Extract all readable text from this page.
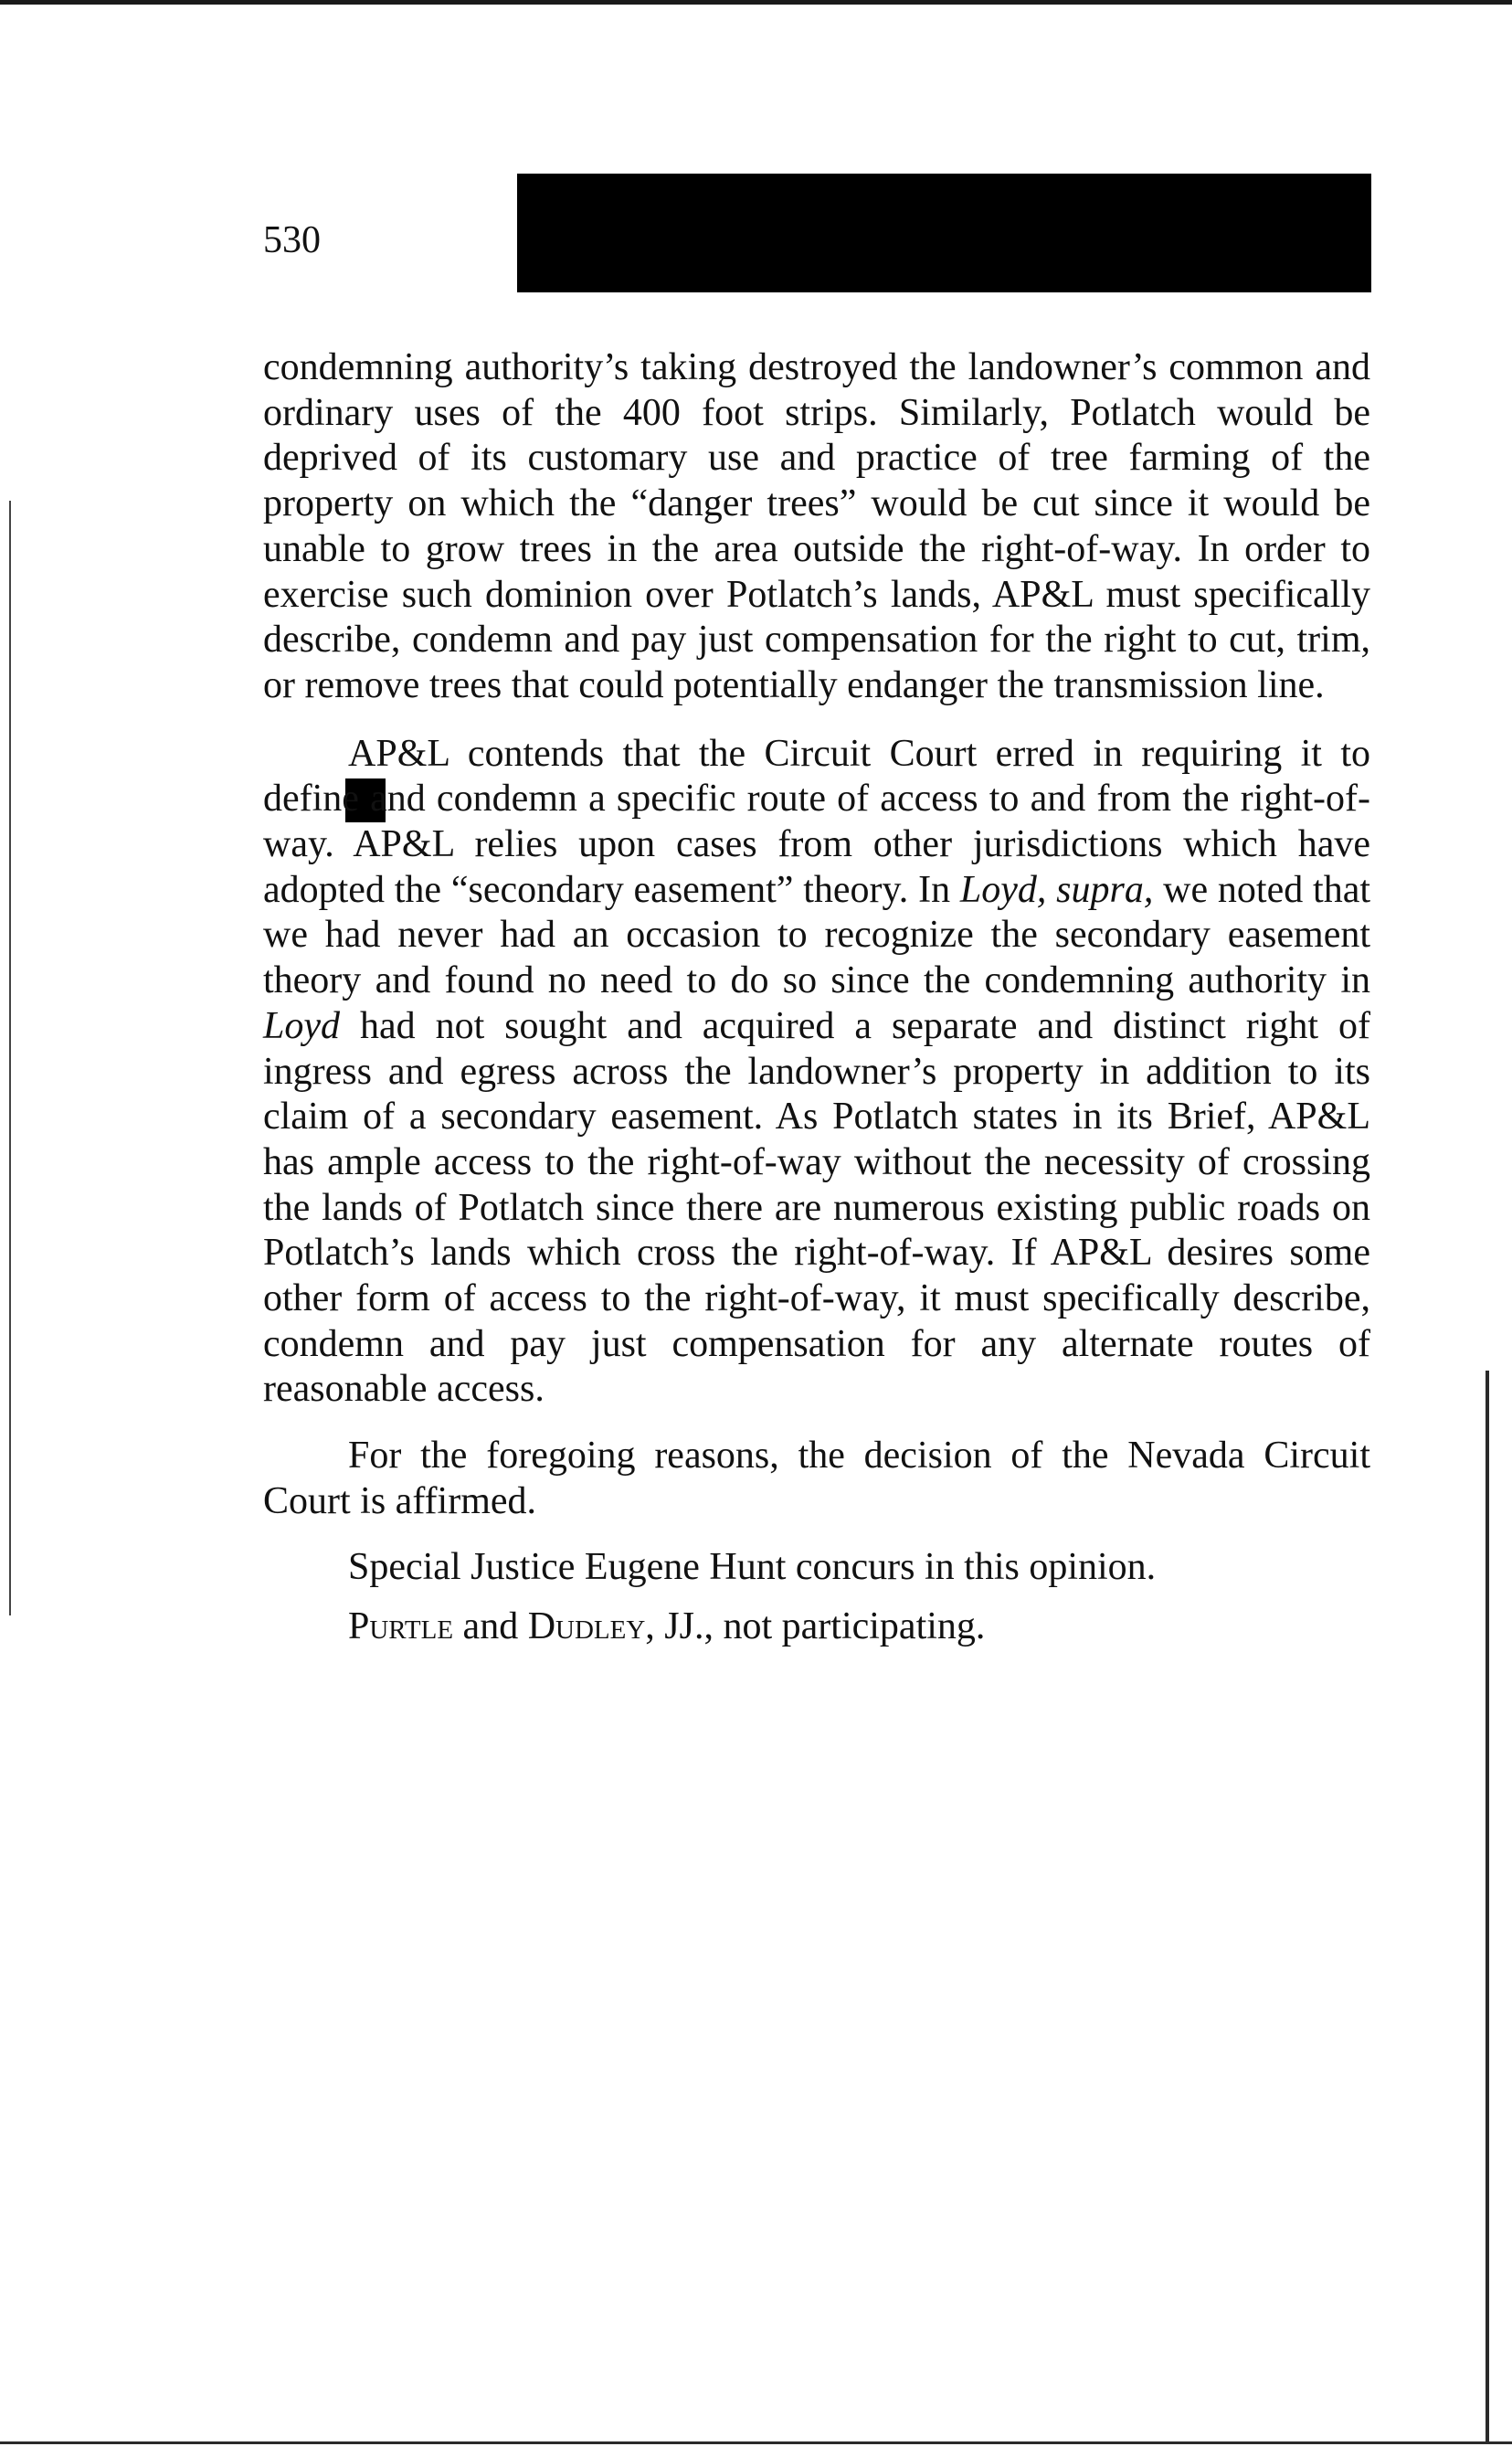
530

condemning authority’s taking destroyed the landowner’s common and ordinary uses of the 400 foot strips. Similarly, Potlatch would be deprived of its customary use and practice of tree farming of the property on which the “danger trees” would be cut since it would be unable to grow trees in the area outside the right-of-way. In order to exercise such dominion over Potlatch’s lands, AP&L must specifically describe, condemn and pay just compensation for the right to cut, trim, or remove trees that could potentially endanger the transmission line.

AP&L contends that the Circuit Court erred in requiring it to define and condemn a specific route of access to and from the right-of-way. AP&L relies upon cases from other jurisdictions which have adopted the “secondary easement” theory. In Loyd, supra, we noted that we had never had an occasion to recognize the secondary easement theory and found no need to do so since the condemning authority in Loyd had not sought and acquired a separate and distinct right of ingress and egress across the landowner’s property in addition to its claim of a secondary easement. As Potlatch states in its Brief, AP&L has ample access to the right-of-way without the necessity of crossing the lands of Potlatch since there are numerous existing public roads on Potlatch’s lands which cross the right-of-way. If AP&L desires some other form of access to the right-of-way, it must specifically describe, condemn and pay just compensation for any alternate routes of reasonable access.

For the foregoing reasons, the decision of the Nevada Circuit Court is affirmed.

Special Justice Eugene Hunt concurs in this opinion.

Purtle and Dudley, JJ., not participating.
